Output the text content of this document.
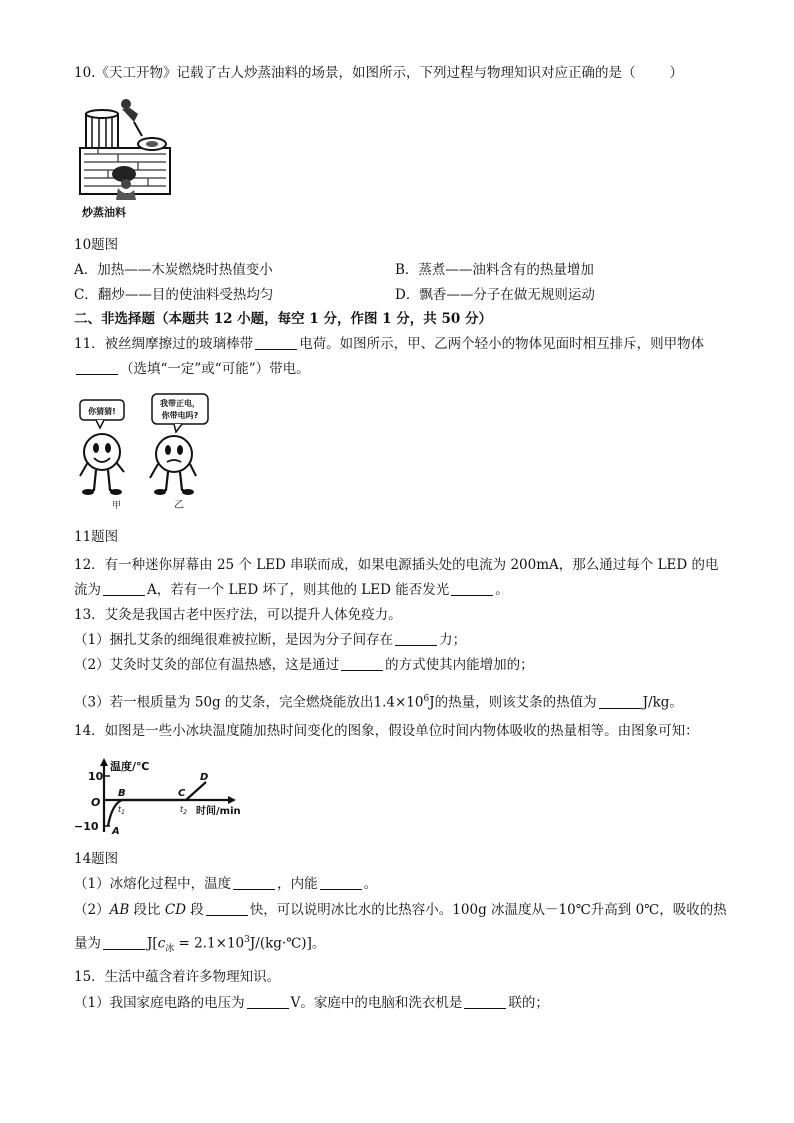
10.《天工开物》记载了古人炒蒸油料的场景，如图所示，下列过程与物理知识对应正确的是（	）
炒蒸油料
10题图
A．加热——木炭燃烧时热值变小	B．蒸煮——油料含有的热量增加
C．翻炒——目的使油料受热均匀	D．飘香——分子在做无规则运动
二、非选择题（本题共 12 小题，每空 1 分，作图 1 分，共 50 分）
11．被丝绸摩擦过的玻璃棒带	电荷。如图所示，甲、乙两个轻小的物体见面时相互排斥，则甲物体
（选填“一定”或“可能”）带电。
你猜猜!
我带正电，
你带电吗?
甲	乙
11题图
12．有一种迷你屏幕由 25 个 LED 串联而成，如果电源插头处的电流为 200mA，那么通过每个 LED 的电
流为	A，若有一个 LED 坏了，则其他的 LED 能否发光	。
13．艾灸是我国古老中医疗法，可以提升人体免疫力。
（1）捆扎艾条的细绳很难被拉断，是因为分子间存在	力；
（2）艾灸时艾灸的部位有温热感，这是通过	的方式使其内能增加的；
（3）若一根质量为 50g 的艾条，完全燃烧能放出$1.4\times 10^6J$的热量，则该艾条的热值为	J/kg。
14．如图是一些小冰块温度随加热时间变化的图象，假设单位时间内物体吸收的热量相等。由图象可知：
10
O
−10
温度/℃
A
B	C
D
$t_1$	$t_2$ 时间/min
14题图
（1）冰熔化过程中，温度	，内能	。
（2）AB 段比 CD 段	快，可以说明冰比水的比热容小。100g 冰温度从－10℃升高到 0℃，吸收的热
量为	$J[c_冰$ = $2.1\times 10^3J/(kg\cdot℃)$]。
15．生活中蕴含着许多物理知识。
（1）我国家庭电路的电压为	V。家庭中的电脑和洗衣机是	联的；
